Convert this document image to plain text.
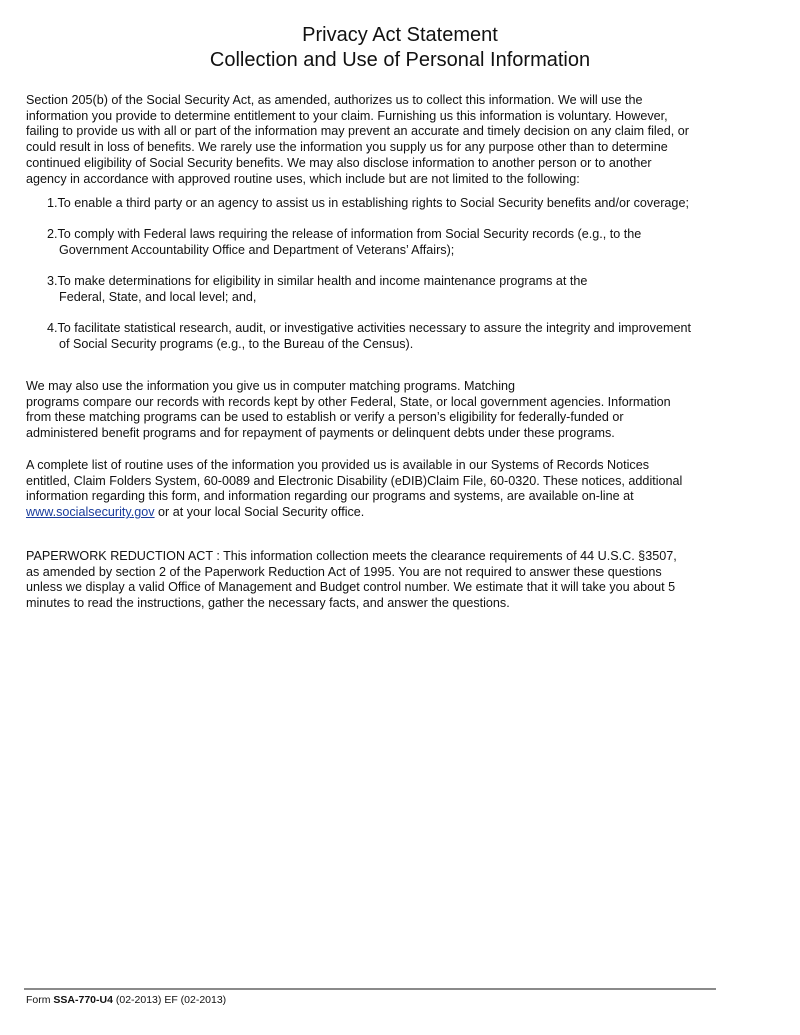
Privacy Act Statement
Collection and Use of Personal Information
Section 205(b) of the Social Security Act, as amended, authorizes us to collect this information. We will use the
information you provide to determine entitlement to your claim. Furnishing us this information is voluntary. However,
failing to provide us with all or part of the information may prevent an accurate and timely decision on any claim filed, or
could result in loss of benefits. We rarely use the information you supply us for any purpose other than to determine
continued eligibility of Social Security benefits. We may also disclose information to another person or to another
agency in accordance with approved routine uses, which include but are not limited to the following:
1.To enable a third party or an agency to assist us in establishing rights to Social Security benefits and/or coverage;
2.To comply with Federal laws requiring the release of information from Social Security records (e.g., to the
Government Accountability Office and Department of Veterans’ Affairs);
3.To make determinations for eligibility in similar health and income maintenance programs at the
Federal, State, and local level; and,
4.To facilitate statistical research, audit, or investigative activities necessary to assure the integrity and improvement
of Social Security programs (e.g., to the Bureau of the Census).
We may also use the information you give us in computer matching programs. Matching
programs compare our records with records kept by other Federal, State, or local government agencies. Information
from these matching programs can be used to establish or verify a person’s eligibility for federally-funded or
administered benefit programs and for repayment of payments or delinquent debts under these programs.
A complete list of routine uses of the information you provided us is available in our Systems of Records Notices
entitled, Claim Folders System, 60-0089 and Electronic Disability (eDIB)Claim File, 60-0320. These notices, additional
information regarding this form, and information regarding our programs and systems, are available on-line at
www.socialsecurity.gov or at your local Social Security office.
PAPERWORK REDUCTION ACT : This information collection meets the clearance requirements of 44 U.S.C. §3507,
as amended by section 2 of the Paperwork Reduction Act of 1995. You are not required to answer these questions
unless we display a valid Office of Management and Budget control number. We estimate that it will take you about 5
minutes to read the instructions, gather the necessary facts, and answer the questions.
Form SSA-770-U4 (02-2013) EF (02-2013)
